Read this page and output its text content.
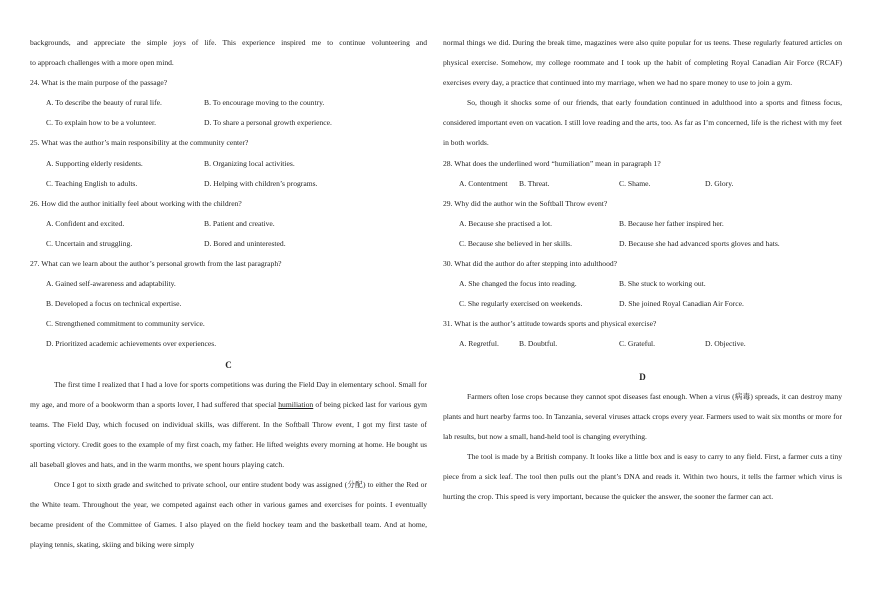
backgrounds, and appreciate the simple joys of life. This experience inspired me to continue volunteering and
to approach challenges with a more open mind.
24. What is the main purpose of the passage?
A. To describe the beauty of rural life.	B. To encourage moving to the country.
C. To explain how to be a volunteer.	D. To share a personal growth experience.
25. What was the author’s main responsibility at the community center?
A. Supporting elderly residents.	B. Organizing local activities.
C. Teaching English to adults.	D. Helping with children’s programs.
26. How did the author initially feel about working with the children?
A. Confident and excited.	B. Patient and creative.
C. Uncertain and struggling.	D. Bored and uninterested.
27. What can we learn about the author’s personal growth from the last paragraph?
A. Gained self-awareness and adaptability.
B. Developed a focus on technical expertise.
C. Strengthened commitment to community service.
D. Prioritized academic achievements over experiences.
C
The first time I realized that I had a love for sports competitions was during the Field Day in elementary school. Small for my age, and more of a bookworm than a sports lover, I had suffered that special humiliation of being picked last for various gym teams. The Field Day, which focused on individual skills, was different. In the Softball Throw event, I got my first taste of sporting victory. Credit goes to the example of my first coach, my father. He lifted weights every morning at home. He bought us all baseball gloves and hats, and in the warm months, we spent hours playing catch.
Once I got to sixth grade and switched to private school, our entire student body was assigned (分配) to either the Red or the White team. Throughout the year, we competed against each other in various games and exercises for points. I eventually became president of the Committee of Games. I also played on the field hockey team and the basketball team. And at home, playing tennis, skating, skiing and biking were simply
normal things we did. During the break time, magazines were also quite popular for us teens. These regularly featured articles on physical exercise. Somehow, my college roommate and I took up the habit of completing Royal Canadian Air Force (RCAF) exercises every day, a practice that continued into my marriage, when we had no spare money to use to join a gym.
So, though it shocks some of our friends, that early foundation continued in adulthood into a sports and fitness focus, considered important even on vacation. I still love reading and the arts, too. As far as I’m concerned, life is the richest with my feet in both worlds.
28. What does the underlined word “humiliation” mean in paragraph 1?
A. Contentment	B. Threat.	C. Shame.	D. Glory.
29. Why did the author win the Softball Throw event?
A. Because she practised a lot.	B. Because her father inspired her.
C. Because she believed in her skills.	D. Because she had advanced sports gloves and hats.
30. What did the author do after stepping into adulthood?
A. She changed the focus into reading.	B. She stuck to working out.
C. She regularly exercised on weekends.	D. She joined Royal Canadian Air Force.
31. What is the author’s attitude towards sports and physical exercise?
A. Regretful.	B. Doubtful.	C. Grateful.	D. Objective.
D
Farmers often lose crops because they cannot spot diseases fast enough. When a virus (病毒) spreads, it can destroy many plants and hurt nearby farms too. In Tanzania, several viruses attack crops every year. Farmers used to wait six months or more for lab results, but now a small, hand-held tool is changing everything.
The tool is made by a British company. It looks like a little box and is easy to carry to any field. First, a farmer cuts a tiny piece from a sick leaf. The tool then pulls out the plant’s DNA and reads it. Within two hours, it tells the farmer which virus is hurting the crop. This speed is very important, because the quicker the answer, the sooner the farmer can act.
